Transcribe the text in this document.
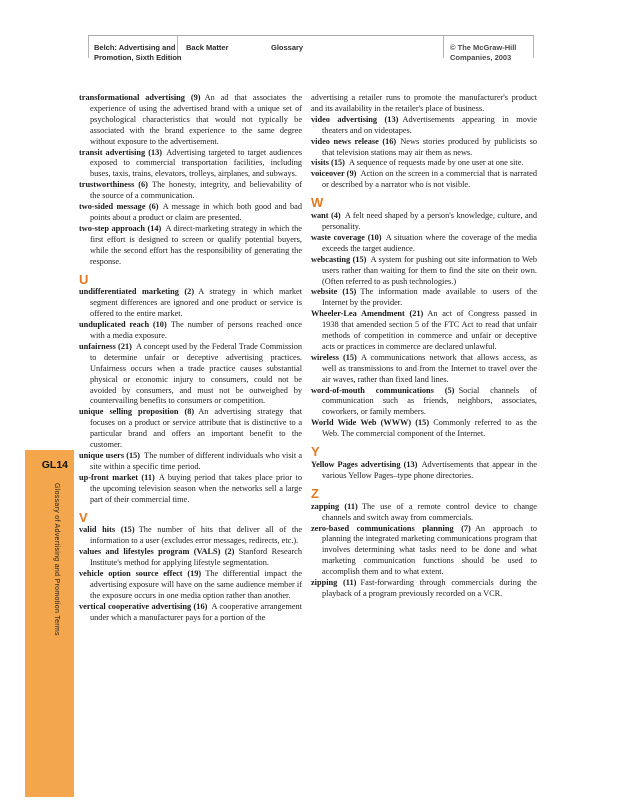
Belch: Advertising and
Promotion, Sixth Edition
Back Matter	Glossary	© The McGraw-Hill
Companies, 2003
GL14
Glossary of Advertising and Promotion Terms

transformational advertising (9) An ad that associates the experience of using the advertised brand with a unique set of psychological characteristics that would not typically be associated with the brand experience to the same degree without exposure to the advertisement.

transit advertising (13) Advertising targeted to target audiences exposed to commercial transportation facilities, including buses, taxis, trains, elevators, trolleys, airplanes, and subways.

trustworthiness (6) The honesty, integrity, and believability of the source of a communication.

two-sided message (6) A message in which both good and bad points about a product or claim are presented.

two-step approach (14) A direct-marketing strategy in which the first effort is designed to screen or qualify potential buyers, while the second effort has the responsibility of generating the response.

U

undifferentiated marketing (2) A strategy in which market segment differences are ignored and one product or service is offered to the entire market.

unduplicated reach (10) The number of persons reached once with a media exposure.

unfairness (21) A concept used by the Federal Trade Commission to determine unfair or deceptive advertising practices. Unfairness occurs when a trade practice causes substantial physical or economic injury to consumers, could not be avoided by consumers, and must not be outweighed by countervailing benefits to consumers or competition.

unique selling proposition (8) An advertising strategy that focuses on a product or service attribute that is distinctive to a particular brand and offers an important benefit to the customer.

unique users (15) The number of different individuals who visit a site within a specific time period.

up-front market (11) A buying period that takes place prior to the upcoming television season when the networks sell a large part of their commercial time.

V

valid hits (15) The number of hits that deliver all of the information to a user (excludes error messages, redirects, etc.).

values and lifestyles program (VALS) (2) Stanford Research Institute's method for applying lifestyle segmentation.

vehicle option source effect (19) The differential impact the advertising exposure will have on the same audience member if the exposure occurs in one media option rather than another.

vertical cooperative advertising (16) A cooperative arrangement under which a manufacturer pays for a portion of the

advertising a retailer runs to promote the manufacturer's product and its availability in the retailer's place of business.

video advertising (13) Advertisements appearing in movie theaters and on videotapes.

video news release (16) News stories produced by publicists so that television stations may air them as news.

visits (15) A sequence of requests made by one user at one site.

voiceover (9) Action on the screen in a commercial that is narrated or described by a narrator who is not visible.

W

want (4) A felt need shaped by a person's knowledge, culture, and personality.

waste coverage (10) A situation where the coverage of the media exceeds the target audience.

webcasting (15) A system for pushing out site information to Web users rather than waiting for them to find the site on their own. (Often referred to as push technologies.)

website (15) The information made available to users of the Internet by the provider.

Wheeler-Lea Amendment (21) An act of Congress passed in 1938 that amended section 5 of the FTC Act to read that unfair methods of competition in commerce and unfair or deceptive acts or practices in commerce are declared unlawful.

wireless (15) A communications network that allows access, as well as transmissions to and from the Internet to travel over the air waves, rather than fixed land lines.

word-of-mouth communications (5) Social channels of communication such as friends, neighbors, associates, coworkers, or family members.

World Wide Web (WWW) (15) Commonly referred to as the Web. The commercial component of the Internet.

Y

Yellow Pages advertising (13) Advertisements that appear in the various Yellow Pages–type phone directories.

Z

zapping (11) The use of a remote control device to change channels and switch away from commercials.

zero-based communications planning (7) An approach to planning the integrated marketing communications program that involves determining what tasks need to be done and what marketing communication functions should be used to accomplish them and to what extent.

zipping (11) Fast-forwarding through commercials during the playback of a program previously recorded on a VCR.
